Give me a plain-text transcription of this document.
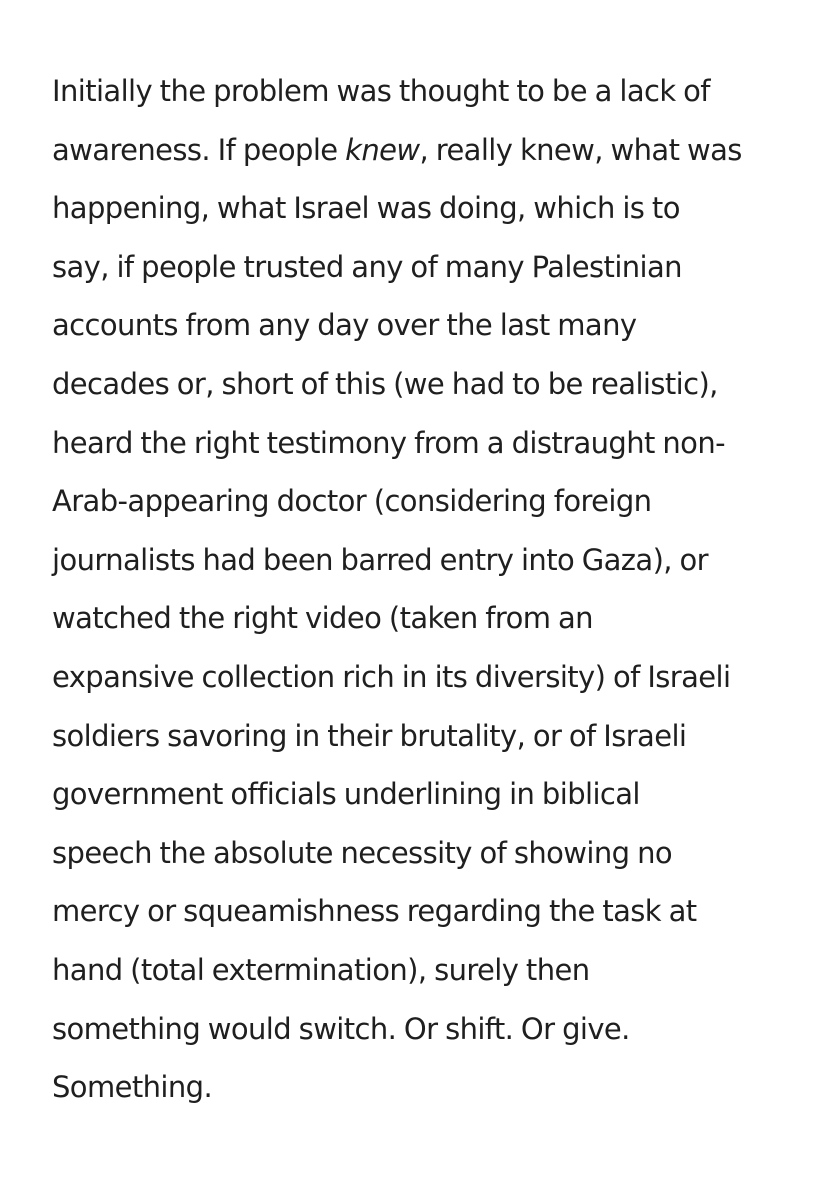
Initially the problem was thought to be a lack of
awareness. If people knew, really knew, what was
happening, what Israel was doing, which is to
say, if people trusted any of many Palestinian
accounts from any day over the last many
decades or, short of this (we had to be realistic),
heard the right testimony from a distraught non-
Arab-appearing doctor (considering foreign
journalists had been barred entry into Gaza), or
watched the right video (taken from an
expansive collection rich in its diversity) of Israeli
soldiers savoring in their brutality, or of Israeli
government officials underlining in biblical
speech the absolute necessity of showing no
mercy or squeamishness regarding the task at
hand (total extermination), surely then
something would switch. Or shift. Or give.
Something.
